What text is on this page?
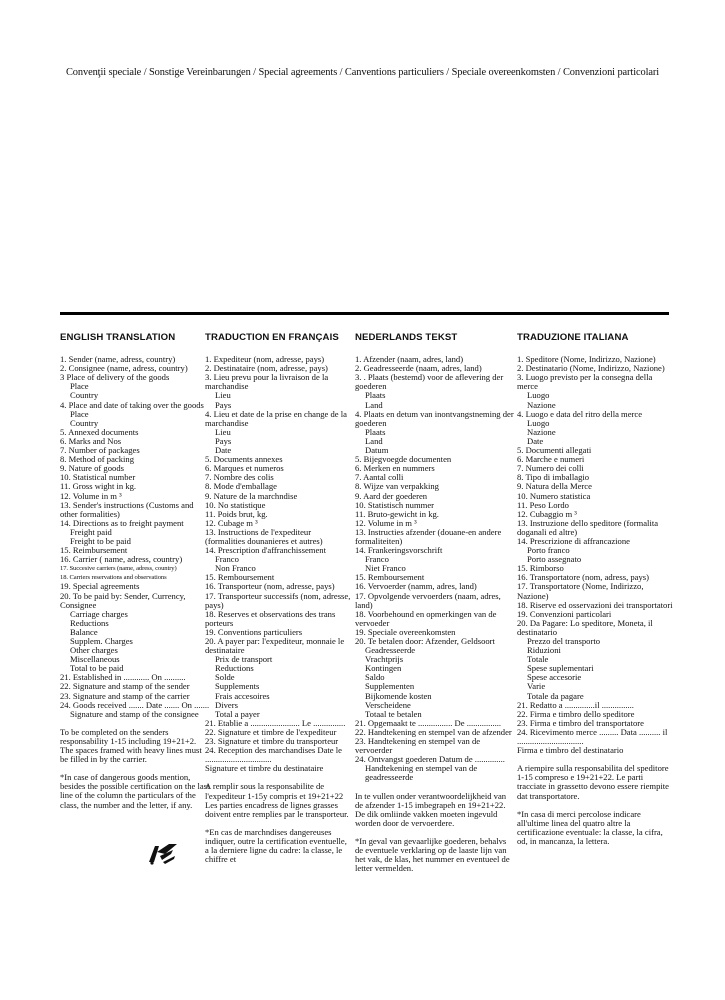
Convenţii speciale / Sonstige Vereinbarungen / Special agreements / Canventions particuliers / Speciale overeenkomsten / Convenzioni particolari
ENGLISH TRANSLATION
1. Sender (name, adress, country)
2. Consignee (name, adress, country)
3 Place of delivery of the goods
Place
Country
4. Place and date of taking over the goods
Place
Country
5. Annexed documents
6. Marks and Nos
7. Number of packages
8. Method of packing
9. Nature of goods
10. Statistical number
11. Gross wight in kg.
12. Volume in m ³
13. Sender's instructions (Customs and other formalities)
14. Directions as to freight payment
Freight paid
Freight to be paid
15. Reimbursement
16. Carrier ( name, adress, country)
17. Succesive carriers (name, adress, country)
18. Carriers reservations and observations
19. Special agreements
20. To be paid by: Sender, Currency, Consignee
Carriage charges
Reductions
Balance
Supplem. Charges
Other charges
Miscellaneous
Total to be paid
21. Established in ............ On ..........
22. Signature and stamp of the sender
23. Signature and stamp of the carrier
24. Goods received ....... Date ....... On .......
Signature and stamp of the consignee

To be completed on the senders responsability 1-15 including 19+21+2. The spaces framed with heavy lines must be filled in by the carrier.

*In case of dangerous goods mention, besides the possible certification on the last line of the column the particulars of the class, the number and the letter, if any.

TRADUCTION EN FRANÇAIS
1. Expediteur (nom, adresse, pays)
2. Destinataire (nom, adresse, pays)
3. Lieu prevu pour la livraison de la marchandise
Lieu
Pays
4. Lieu et date de la prise en change de la marchandise
Lieu
Pays
Date
5. Documents annexes
6. Marques et numeros
7. Nombre des colis
8. Mode d'emballage
9. Nature de la marchndise
10. No statistique
11. Poids brut, kg.
12. Cubage m ³
13. Instructions de l'expediteur (formalities dounanieres et autres)
14. Prescription d'affranchissement
Franco
Non Franco
15. Remboursement
16. Transporteur (nom, adresse, pays)
17. Transporteur successifs (nom, adresse, pays)
18. Reserves et observations des trans porteurs
19. Conventions particuliers
20. A payer par: l'expediteur, monnaie le destinataire
Prix de transport
Reductions
Solde
Supplements
Frais accesoires
Divers
Total a payer
21. Etablie a ....................... Le ...............
22. Signature et timbre de l'expediteur
23. Signature et timbre du transporteur
24. Reception des marchandises Date le ...............................
Signature et timbre du destinataire

A remplir sous la responsabilite de l'expediteur 1-15y compris et 19+21+22 Les parties encadress de lignes grasses doivent entre remplies par le transporteur.

*En cas de marchndises dangereuses indiquer, outre la certification eventuelle, a la derniere ligne du cadre: la classe, le chiffre et

NEDERLANDS TEKST
1. Afzender (naam, adres, land)
2. Geadresseerde (naam, adres, land)
3. . Plaats (bestemd) voor de aflevering der goederen
Plaats
Land
4. Plaats en detum van inontvangstneming der goederen
Plaats
Land
Datum
5. Bijegvoegde documenten
6. Merken en nummers
7. Aantal colli
8. Wijze van verpakking
9. Aard der goederen
10. Statistisch nummer
11. Bruto-gewicht in kg.
12. Volume in m ³
13. Instructies afzender (douane-en andere formaliteiten)
14. Frankeringsvorschrift
Franco
Niet Franco
15. Remboursement
16. Vervoerder (namm, adres, land)
17. Opvolgende vervoerders (naam, adres, land)
18. Voorbehound en opmerkingen van de vervoeder
19. Speciale overeenkomsten
20. Te betalen door: Afzender, Geldsoort
Geadresseerde
Vrachtprijs
Kontingen
Saldo
Supplementen
Bijkomende kosten
Verscheidene
Totaal te betalen
21. Opgemaakt te ................ De ................
22. Handtekening en stempel van de afzender
23. Handtekening en stempel van de vervoerder
24. Ontvangst goederen Datum de ..............
Handtekening en stempel van de geadresseerde

In te vullen onder verantwoordelijkheid van de afzender 1-15 imbegrapeh en 19+21+22. De dik omliinde vakken moeten ingevuld worden door de vervoerdere.

*In geval van gevaarlijke goederen, behalvs de eventuele verklaring op de laaste lijn van het vak, de klas, het nummer en eventueel de letter vermelden.

TRADUZIONE ITALIANA
1. Speditore (Nome, Indirizzo, Nazione)
2. Destinatario (Nome, Indirizzo, Nazione)
3. Luogo previsto per la consegna della merce
Luogo
Nazione
4. Luogo e data del ritro della merce
Luogo
Nazione
Date
5. Documenti allegati
6. Marche e numeri
7. Numero dei colli
8. Tipo di imballagio
9. Natura della Merce
10. Numero statistica
11. Peso Lordo
12. Cubaggio m ³
13. Instruzione dello speditore (formalita doganali ed altre)
14. Prescrizione di affrancazione
Porto franco
Porto assegnato
15. Rimborso
16. Transportatore (nom, adress, pays)
17. Transportatore (Nome, Indirizzo, Nazione)
18. Riserve ed osservazioni dei transportatori
19. Convenzioni particolari
20. Da Pagare: Lo speditore, Moneta, il destinatario
Prezzo del transporto
Riduzioni
Totale
Spese suplementari
Spese accesorie
Varie
Totale da pagare
21. Redatto a ..............il ...............
22. Firma e timbro dello speditore
23. Firma e timbro del transportatore
24. Ricevimento merce ......... Data .......... il ...............................
Firma e timbro del destinatario

A riempire sulla responsabilita del speditore 1-15 compreso e 19+21+22. Le parti tracciate in grassetto devono essere riempite dat transportatore.

*In casa di merci percolose indicare all'ultime linea del quatro altre la certificazione eventuale: la classe, la cifra, od, in mancanza, la lettera.
